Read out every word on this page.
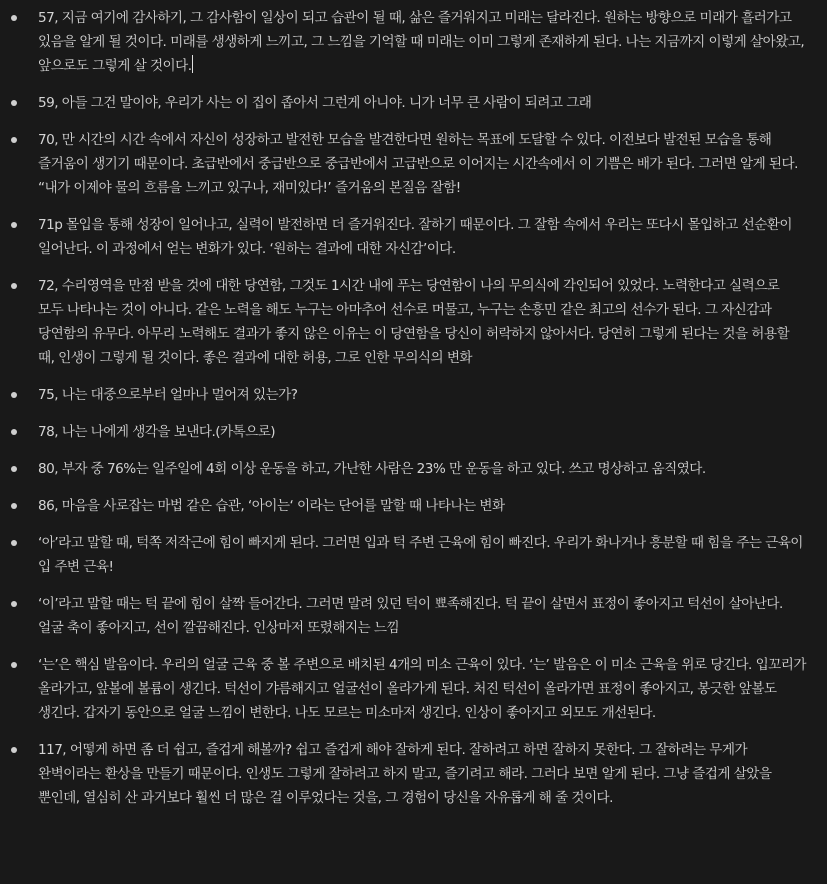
57, 지금 여기에 감사하기, 그 감사함이 일상이 되고 습관이 될 때, 삶은 즐거워지고 미래는 달라진다. 원하는 방향으로 미래가 흘러가고 있음을 알게 될 것이다. 미래를 생생하게 느끼고, 그 느낌을 기억할 때 미래는 이미 그렇게 존재하게 된다. 나는 지금까지 이렇게 살아왔고, 앞으로도 그렇게 살 것이다.
59, 아들 그건 말이야, 우리가 사는 이 집이 좁아서 그런게 아니야. 니가 너무 큰 사람이 되려고 그래
70, 만 시간의 시간 속에서 자신이 성장하고 발전한 모습을 발견한다면 원하는 목표에 도달할 수 있다. 이전보다 발전된 모습을 통해 즐거움이 생기기 때문이다. 초급반에서 중급반으로 중급반에서 고급반으로 이어지는 시간속에서 이 기쁨은 배가 된다. 그러면 알게 된다. “내가 이제야 물의 흐름을 느끼고 있구나, 재미있다!’ 즐거움의 본질음 잘함!
71p 몰입을 통해 성장이 일어나고, 실력이 발전하면 더 즐거워진다. 잘하기 때문이다. 그 잘함 속에서 우리는 또다시 몰입하고 선순환이 일어난다. 이 과정에서 얻는 변화가 있다. ‘원하는 결과에 대한 자신감’이다.
72, 수리영역을 만점 받을 것에 대한 당연함, 그것도 1시간 내에 푸는 당연함이 나의 무의식에 각인되어 있었다. 노력한다고 실력으로 모두 나타나는 것이 아니다. 같은 노력을 해도 누구는 아마추어 선수로 머물고, 누구는 손흥민 같은 최고의 선수가 된다. 그 자신감과 당연함의 유무다. 아무리 노력해도 결과가 좋지 않은 이유는 이 당연함을 당신이 허락하지 않아서다. 당연히 그렇게 된다는 것을 허용할 때, 인생이 그렇게 될 것이다. 좋은 결과에 대한 허용, 그로 인한 무의식의 변화
75, 나는 대중으로부터 얼마나 멀어져 있는가?
78, 나는 나에게 생각을 보낸다.(카톡으로)
80, 부자 중 76%는 일주일에 4회 이상 운동을 하고, 가난한 사람은 23% 만 운동을 하고 있다. 쓰고 명상하고 움직였다.
86, 마음을 사로잡는 마법 같은 습관, ‘아이는‘ 이라는 단어를 말할 때 나타나는 변화
‘아’라고 말할 때, 턱쪽 저작근에 힘이 빠지게 된다. 그러면 입과 턱 주변 근육에 힘이 빠진다. 우리가 화나거나 흥분할 때 힘을 주는 근육이 입 주변 근육!
‘이’라고 말할 때는 턱 끝에 힘이 살짝 들어간다. 그러면 말려 있던 턱이 뾰족해진다. 턱 끝이 살면서 표정이 좋아지고 턱선이 살아난다. 얼굴 축이 좋아지고, 선이 깔끔해진다. 인상마저 또렸해지는 느낌
‘는’은 핵심 발음이다. 우리의 얼굴 근육 중 볼 주변으로 배치된 4개의 미소 근육이 있다. ‘는’ 발음은 이 미소 근육을 위로 당긴다. 입꼬리가 올라가고, 앞볼에 볼륨이 생긴다. 턱선이 갸름해지고 얼굴선이 올라가게 된다. 처진 턱선이 올라가면 표정이 좋아지고, 봉긋한 앞볼도 생긴다. 갑자기 동안으로 얼굴 느낌이 변한다. 나도 모르는 미소마저 생긴다. 인상이 좋아지고 외모도 개선된다.
117, 어떻게 하면 좀 더 쉽고, 즐겁게 해볼까? 쉽고 즐겁게 해야 잘하게 된다. 잘하려고 하면 잘하지 못한다. 그 잘하려는 무게가 완벽이라는 환상을 만들기 때문이다. 인생도 그렇게 잘하려고 하지 말고, 즐기려고 해라. 그러다 보면 알게 된다. 그냥 즐겁게 살았을 뿐인데, 열심히 산 과거보다 훨씬 더 많은 걸 이루었다는 것을, 그 경험이 당신을 자유롭게 해 줄 것이다.
